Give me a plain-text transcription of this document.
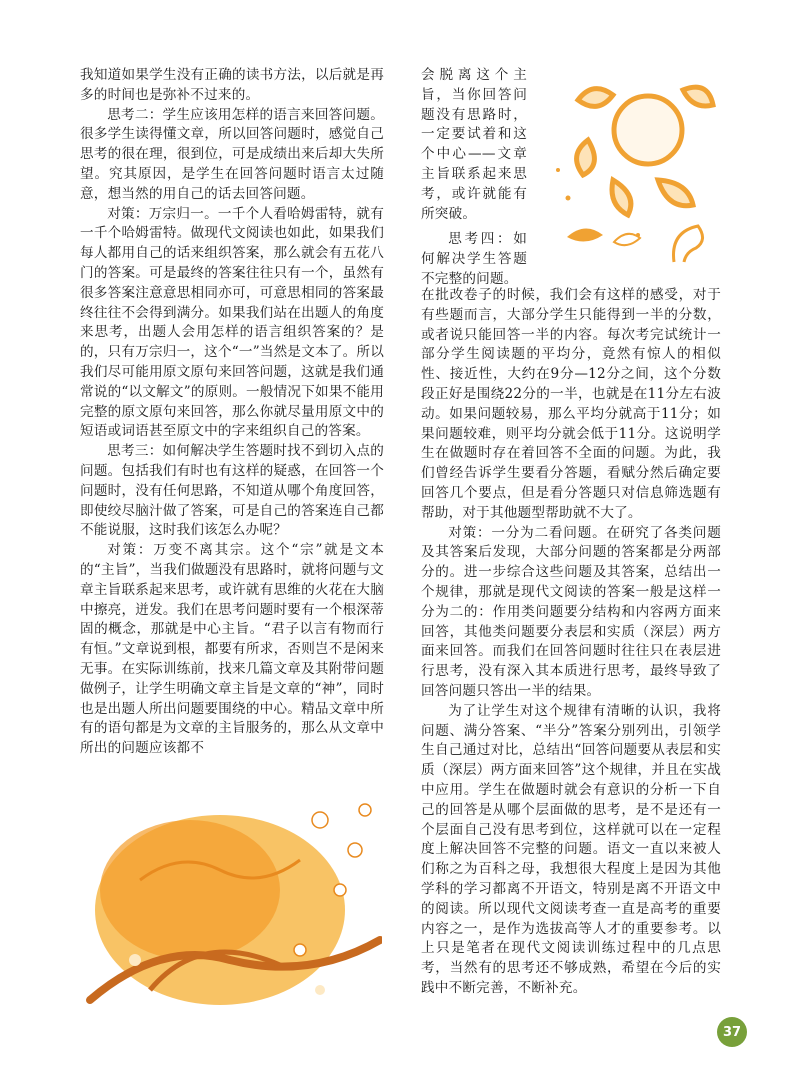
我知道如果学生没有正确的读书方法，以后就是再多的时间也是弥补不过来的。

思考二：学生应该用怎样的语言来回答问题。很多学生读得懂文章，所以回答问题时，感觉自己思考的很在理，很到位，可是成绩出来后却大失所望。究其原因，是学生在回答问题时语言太过随意，想当然的用自己的话去回答问题。

对策：万宗归一。一千个人看哈姆雷特，就有一千个哈姆雷特。做现代文阅读也如此，如果我们每人都用自己的话来组织答案，那么就会有五花八门的答案。可是最终的答案往往只有一个，虽然有很多答案注意意思相同亦可，可意思相同的答案最终往往不会得到满分。如果我们站在出题人的角度来思考，出题人会用怎样的语言组织答案的？是的，只有万宗归一，这个“一”当然是文本了。所以我们尽可能用原文原句来回答问题，这就是我们通常说的“以文解文”的原则。一般情况下如果不能用完整的原文原句来回答，那么你就尽量用原文中的短语或词语甚至原文中的字来组织自己的答案。

思考三：如何解决学生答题时找不到切入点的问题。包括我们有时也有这样的疑惑，在回答一个问题时，没有任何思路，不知道从哪个角度回答，即使绞尽脑汁做了答案，可是自己的答案连自己都不能说服，这时我们该怎么办呢？

对策：万变不离其宗。这个“宗”就是文本的“主旨”，当我们做题没有思路时，就将问题与文章主旨联系起来思考，或许就有思维的火花在大脑中擦亮，迸发。我们在思考问题时要有一个根深蒂固的概念，那就是中心主旨。“君子以言有物而行有恒。”文章说到根，都要有所求，否则岂不是闲来无事。在实际训练前，找来几篇文章及其附带问题做例子，让学生明确文章主旨是文章的“神”，同时也是出题人所出问题要围绕的中心。精品文章中所有的语句都是为文章的主旨服务的，那么从文章中所出的问题应该都不

会脱离这个主旨，当你回答问题没有思路时，一定要试着和这个中心——文章主旨联系起来思考，或许就能有所突破。

思考四：如何解决学生答题不完整的问题。

在批改卷子的时候，我们会有这样的感受，对于有些题而言，大部分学生只能得到一半的分数，或者说只能回答一半的内容。每次考完试统计一部分学生阅读题的平均分，竟然有惊人的相似性、接近性，大约在9分—12分之间，这个分数段正好是围绕22分的一半，也就是在11分左右波动。如果问题较易，那么平均分就高于11分；如果问题较难，则平均分就会低于11分。这说明学生在做题时存在着回答不全面的问题。为此，我们曾经告诉学生要看分答题，看赋分然后确定要回答几个要点，但是看分答题只对信息筛选题有帮助，对于其他题型帮助就不大了。

对策：一分为二看问题。在研究了各类问题及其答案后发现，大部分问题的答案都是分两部分的。进一步综合这些问题及其答案，总结出一个规律，那就是现代文阅读的答案一般是这样一分为二的：作用类问题要分结构和内容两方面来回答，其他类问题要分表层和实质（深层）两方面来回答。而我们在回答问题时往往只在表层进行思考，没有深入其本质进行思考，最终导致了回答问题只答出一半的结果。

为了让学生对这个规律有清晰的认识，我将问题、满分答案、“半分”答案分别列出，引领学生自己通过对比，总结出“回答问题要从表层和实质（深层）两方面来回答”这个规律，并且在实战中应用。学生在做题时就会有意识的分析一下自己的回答是从哪个层面做的思考，是不是还有一个层面自己没有思考到位，这样就可以在一定程度上解决回答不完整的问题。语文一直以来被人们称之为百科之母，我想很大程度上是因为其他学科的学习都离不开语文，特别是离不开语文中的阅读。所以现代文阅读考查一直是高考的重要内容之一，是作为选拔高等人才的重要参考。以上只是笔者在现代文阅读训练过程中的几点思考，当然有的思考还不够成熟，希望在今后的实践中不断完善，不断补充。

37
